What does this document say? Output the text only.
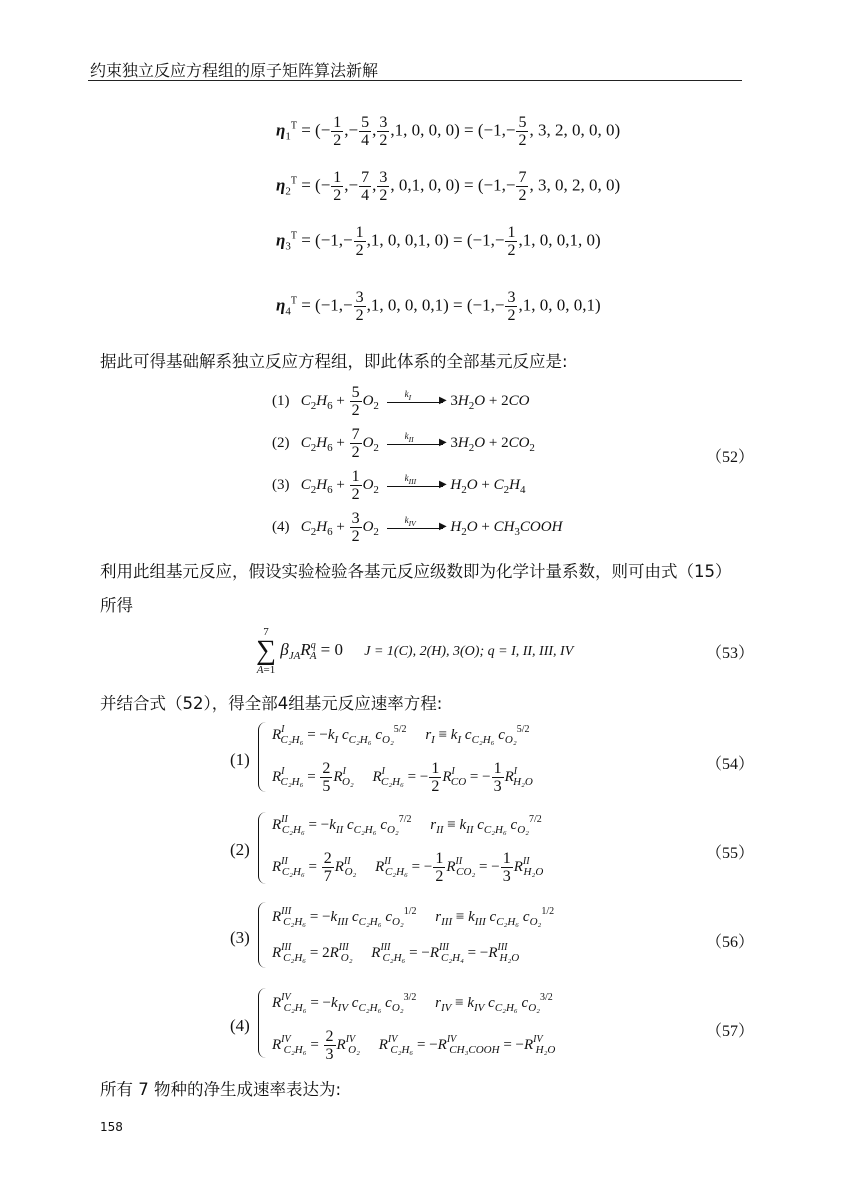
约束独立反应方程组的原子矩阵算法新解
$\eta_1^T$ = (− $\frac{1}{2}$ ,− $\frac{5}{4}$ , $\frac{3}{2} ,1$, 0, 0, $0) = (-1,- \frac{5}{2}$ , 3, 2, 0, 0, 0)
$\eta_2^T$ = (− $\frac{1}{2}$ ,− $\frac{7}{4}$ , $\frac{3}{2}$ , 0,1, 0, $0) = (-1,- \frac{7}{2}$ , 3, 0, 2, 0, 0)
$\eta_3^T = (-1,- \frac{1}{2} ,1$, 0, 0,1, $0) = (-1,- \frac{1}{2} ,1$, 0, 0,1, 0)
$\eta_4^T = (-1,- \frac{3}{2} ,1$, 0, 0, $0,1) = (-1,- \frac{3}{2} ,1$, 0, 0, 0,1)
据此可得基础解系独立反应方程组，即此体系的全部基元反应是:
(1) $C_2H_6 + \frac{5}{2} O_2$
$k_I$	▶ $3H_2O + 2CO$
(2) $C_2H_6 + \frac{7}{2} O_2$
$k_{II}$	▶ $3H_2O + 2CO_2$
(3) $C_2H_6 + \frac{1}{2} O_2$
$k_{III}$ ▶ $H_2O + C_2H_4$
(4) $C_2H_6 + \frac{3}{2} O_2$
$k_{IV}$ ▶ $H_2O$ + $CH_3COOH$
（52）
利用此组基元反应，假设实验检验各基元反应级数即为化学计量系数，则可由式（15）
所得
7
∑
A=1 $\beta_{JA}R^q_A = 0$     J = 1(C), 2(H), 3(O); q = I, II, III, IV	（53）
并结合式（52），得全部4组基元反应速率方程:
(1)
$R^I_{C_2H_6} = -k_I$ $c_{C_2H_6}$ $c_{O_2}^{5/2}$ $r_I \equiv k_I$ $c_{C_2H_6}$ $c_{O_2}^{5/2}$
$R^I_{C_2H_6} = \frac{2}{5} R^I_{O_2}$ $R^I_{C_2H_6}$ = − $\frac{1}{2} R^I_{CO}$ = − $\frac{1}{3} R^I_{H_2O}$
（54）
(2)
$R^{II}_{C_2H_6} = -k_{II}$ $c_{C_2H_6}$ $c_{O_2}^{7/2}$ $r_{II} \equiv k_{II}$ $c_{C_2H_6}$ $c_{O_2}^{7/2}$
$R^{II}_{C_2H_6} = \frac{2}{7} R^{II}_{O_2}$ $R^{II}_{C_2H_6}$ = − $\frac{1}{2} R^{II}_{CO_2}$ = − $\frac{1}{3} R^{II}_{H_2O}$
（55）
(3)
$R^{III}_{C_2H_6} = -k_{III}$ $c_{C_2H_6}$ $c_{O_2}^{1/2}$ $r_{III} \equiv k_{III}$ $c_{C_2H_6}$ $c_{O_2}^{1/2}$
$R^{III}_{C_2H_6} = 2R^{III}_{O_2}$ $R^{III}_{C_2H_6} = -R^{III}_{C_2H_4} = -R^{III}_{H_2O}$
（56）
(4)
$R^{IV}_{C_2H_6} = -k_{IV}$ $c_{C_2H_6}$ $c_{O_2}^{3/2}$ $r_{IV} \equiv k_{IV}$ $c_{C_2H_6}$ $c_{O_2}^{3/2}$
$R^{IV}_{C_2H_6} = \frac{2}{3} R^{IV}_{O_2}$ $R^{IV}_{C_2H_6} = -R^{IV}_{CH_3COOH} = -R^{IV}_{H_2O}$
（57）
所有 7 物种的净生成速率表达为:
158
